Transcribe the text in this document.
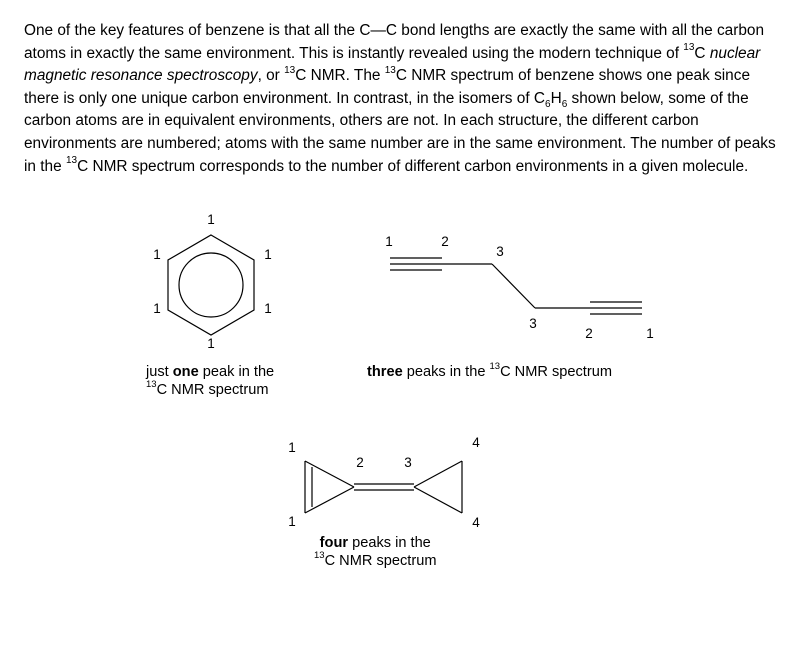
One of the key features of benzene is that all the C—C bond lengths are exactly the same with all the carbon atoms in exactly the same environment. This is instantly revealed using the modern technique of $^{13}$C nuclear magnetic resonance spectroscopy, or $^{13}$C NMR. The $^{13}$C NMR spectrum of benzene shows one peak since there is only one unique carbon environment. In contrast, in the isomers of $C_6H_6$ shown below, some of the carbon atoms are in equivalent environments, others are not. In each structure, the different carbon environments are numbered; atoms with the same number are in the same environment. The number of peaks in the $^{13}$C NMR spectrum corresponds to the number of different carbon environments in a given molecule.

1
1
1
1
1
1
1	2
3
3
2	1
1
1
2	3
4
4

just one peak in the
$^{13}$C NMR spectrum

three peaks in the $^{13}$C NMR spectrum

four peaks in the
$^{13}$C NMR spectrum
